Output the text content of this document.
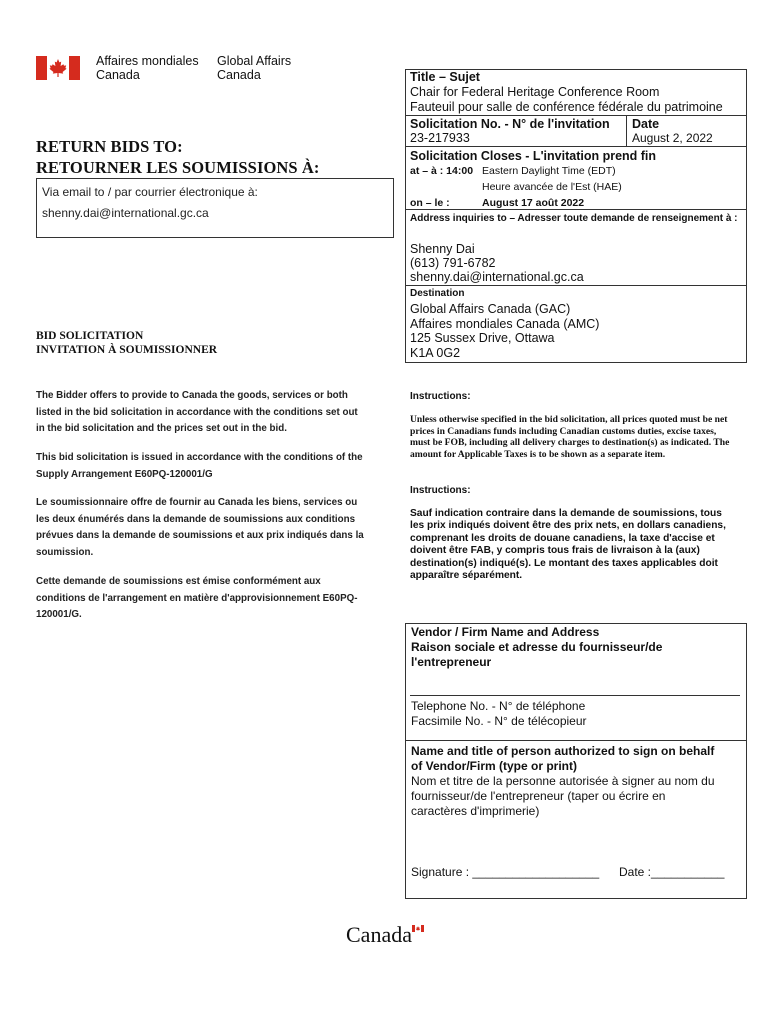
Affaires mondiales
Canada
Global Affairs
Canada
RETURN BIDS TO:
RETOURNER LES SOUMISSIONS À:
Via email to / par courrier électronique à:
shenny.dai@international.gc.ca
BID SOLICITATION
INVITATION À SOUMISSIONNER
The Bidder offers to provide to Canada the goods, services or both listed in the bid solicitation in accordance with the conditions set out in the bid solicitation and the prices set out in the bid.
This bid solicitation is issued in accordance with the conditions of the Supply Arrangement E60PQ-120001/G
Le soumissionnaire offre de fournir au Canada les biens, services ou les deux énumérés dans la demande de soumissions aux conditions prévues dans la demande de soumissions et aux prix indiqués dans la soumission.
Cette demande de soumissions est émise conformément aux conditions de l'arrangement en matière d'approvisionnement E60PQ-120001/G.
Title – Sujet
Chair for Federal Heritage Conference Room
Fauteuil pour salle de conférence fédérale du patrimoine
Solicitation No. - N° de l'invitation
23-217933
Date
August 2, 2022
Solicitation Closes - L'invitation prend fin
at – à : 14:00 Eastern Daylight Time (EDT)
Heure avancée de l'Est (HAE)
on – le :	August 17 août 2022
Address inquiries to – Adresser toute demande de renseignement à :
Shenny Dai
(613) 791-6782
shenny.dai@international.gc.ca
Destination
Global Affairs Canada (GAC)
Affaires mondiales Canada (AMC)
125 Sussex Drive, Ottawa
K1A 0G2
Instructions:
Unless otherwise specified in the bid solicitation, all prices quoted must be net prices in Canadians funds including Canadian customs duties, excise taxes, must be FOB, including all delivery charges to destination(s) as indicated. The amount for Applicable Taxes is to be shown as a separate item.
Instructions:
Sauf indication contraire dans la demande de soumissions, tous les prix indiqués doivent être des prix nets, en dollars canadiens, comprenant les droits de douane canadiens, la taxe d'accise et doivent être FAB, y compris tous frais de livraison à la (aux) destination(s) indiqué(s). Le montant des taxes applicables doit apparaître séparément.
Vendor / Firm Name and Address
Raison sociale et adresse du fournisseur/de
l'entrepreneur
Telephone No. - N° de téléphone
Facsimile No. - N° de télécopieur
Name and title of person authorized to sign on behalf
of Vendor/Firm (type or print)
Nom et titre de la personne autorisée à signer au nom du
fournisseur/de l'entrepreneur (taper ou écrire en
caractères d'imprimerie)
Signature : ___________________ Date :___________
Canada
